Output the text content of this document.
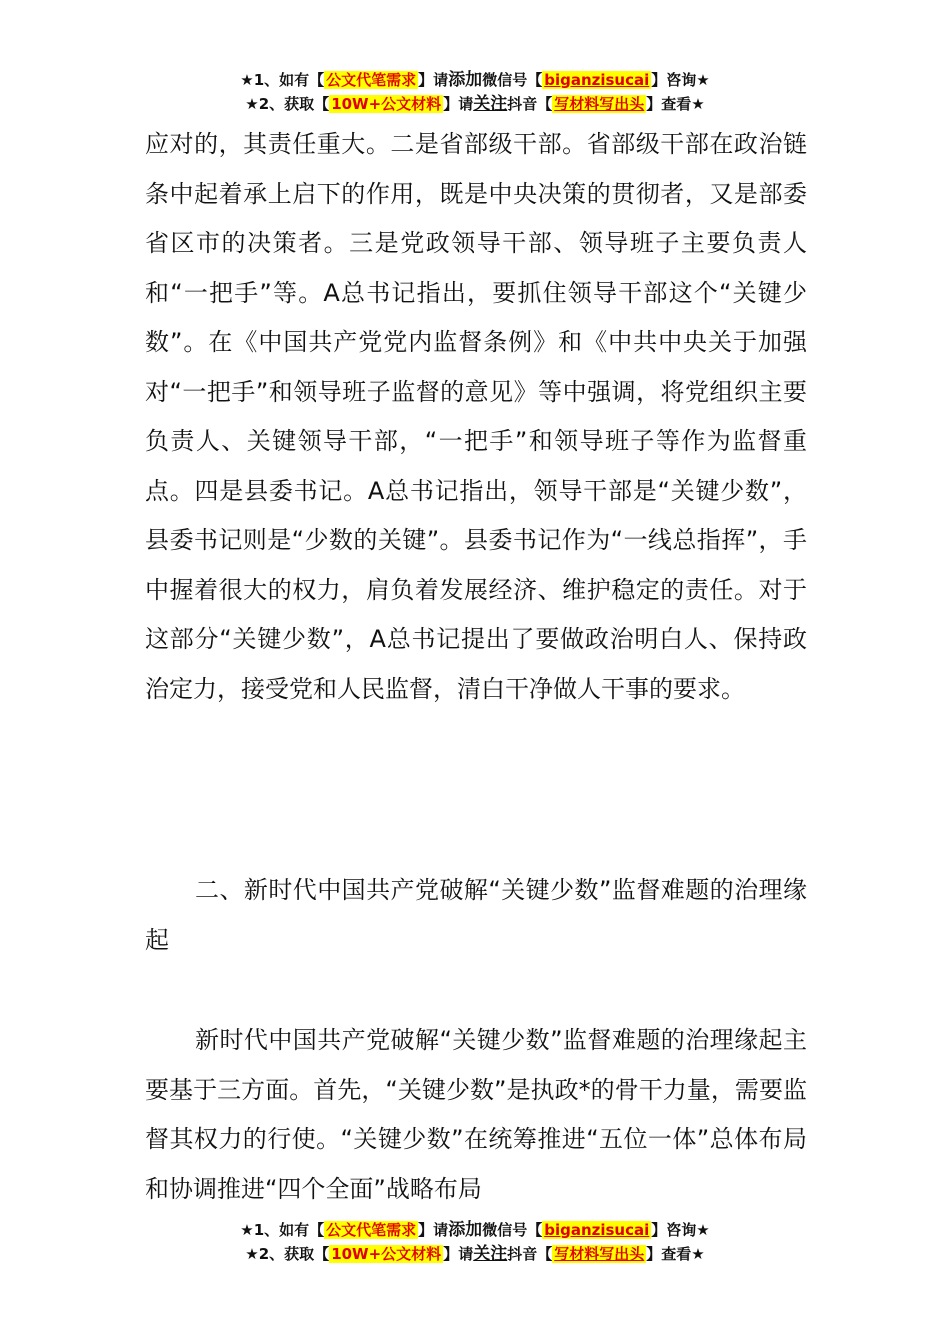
★1、如有【 公文代笔需求 】请添加微信号【 biganzisucai 】咨询★
★2、获取【 10W+公文材料 】请关注抖音【 写材料写出头 】查看★

应对的，其责任重大。二是省部级干部。省部级干部在政治链条中起着承上启下的作用，既是中央决策的贯彻者，又是部委省区市的决策者。三是党政领导干部、领导班子主要负责人和“一把手”等。A总书记指出，要抓住领导干部这个“关键少数”。在《中国共产党党内监督条例》和《中共中央关于加强对“一把手”和领导班子监督的意见》等中强调，将党组织主要负责人、关键领导干部，“一把手”和领导班子等作为监督重点。四是县委书记。A总书记指出，领导干部是“关键少数”，县委书记则是“少数的关键”。县委书记作为“一线总指挥”，手中握着很大的权力，肩负着发展经济、维护稳定的责任。对于这部分“关键少数”，A总书记提出了要做政治明白人、保持政治定力，接受党和人民监督，清白干净做人干事的要求。

二、新时代中国共产党破解“关键少数”监督难题的治理缘起

新时代中国共产党破解“关键少数”监督难题的治理缘起主要基于三方面。首先，“关键少数”是执政*的骨干力量，需要监督其权力的行使。“关键少数”在统筹推进“五位一体”总体布局和协调推进“四个全面”战略布局

★1、如有【 公文代笔需求 】请添加微信号【 biganzisucai 】咨询★
★2、获取【 10W+公文材料 】请关注抖音【 写材料写出头 】查看★
